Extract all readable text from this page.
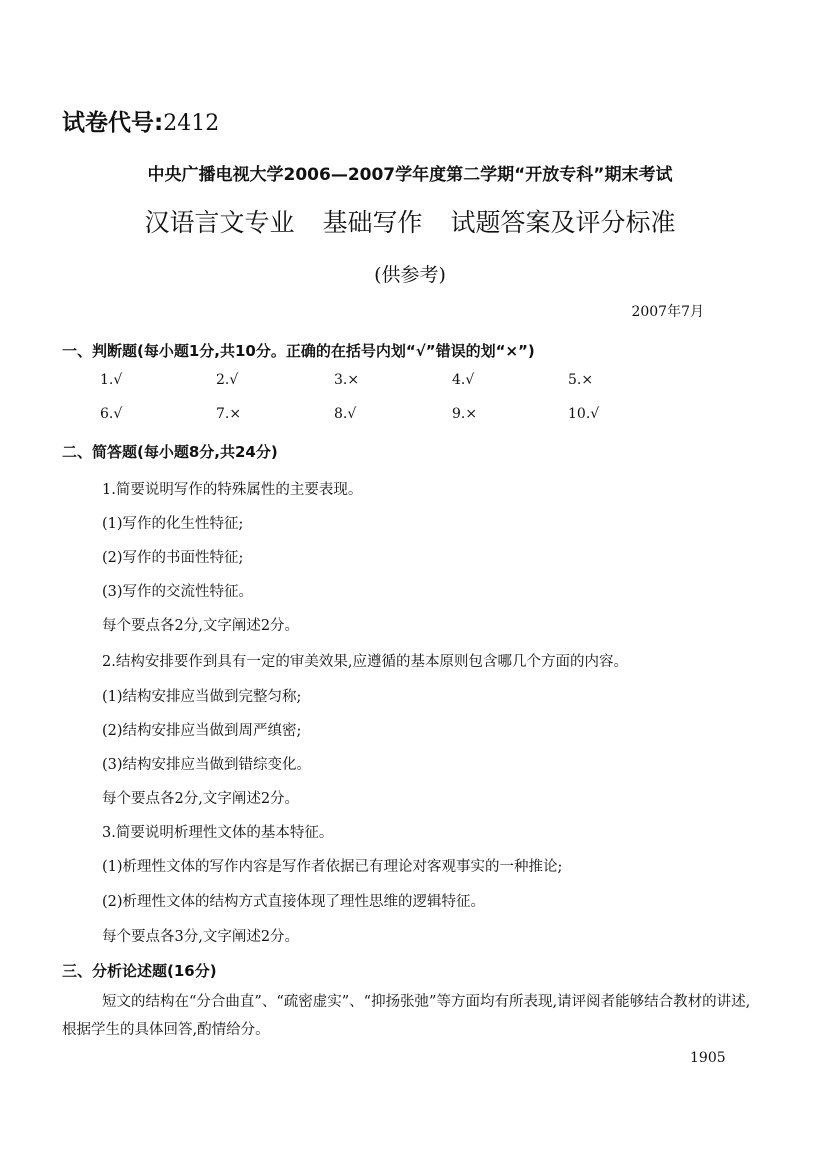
试卷代号:2412
中央广播电视大学2006—2007学年度第二学期“开放专科”期末考试
汉语言文专业 基础写作 试题答案及评分标准
(供参考)
2007年7月
一、判断题(每小题1分,共10分。正确的在括号内划“√”错误的划“×”)
1.√	2.√	3.×	4.√	5.×
6.√	7.×	8.√	9.×	10.√
二、简答题(每小题8分,共24分)
1.简要说明写作的特殊属性的主要表现。
(1)写作的化生性特征;
(2)写作的书面性特征;
(3)写作的交流性特征。
每个要点各2分,文字阐述2分。
2.结构安排要作到具有一定的审美效果,应遵循的基本原则包含哪几个方面的内容。
(1)结构安排应当做到完整匀称;
(2)结构安排应当做到周严缜密;
(3)结构安排应当做到错综变化。
每个要点各2分,文字阐述2分。
3.简要说明析理性文体的基本特征。
(1)析理性文体的写作内容是写作者依据已有理论对客观事实的一种推论;
(2)析理性文体的结构方式直接体现了理性思维的逻辑特征。
每个要点各3分,文字阐述2分。
三、分析论述题(16分)
短文的结构在“分合曲直”、“疏密虚实”、“抑扬张弛”等方面均有所表现,请评阅者能够结合教材的讲述,根据学生的具体回答,酌情给分。
1905
